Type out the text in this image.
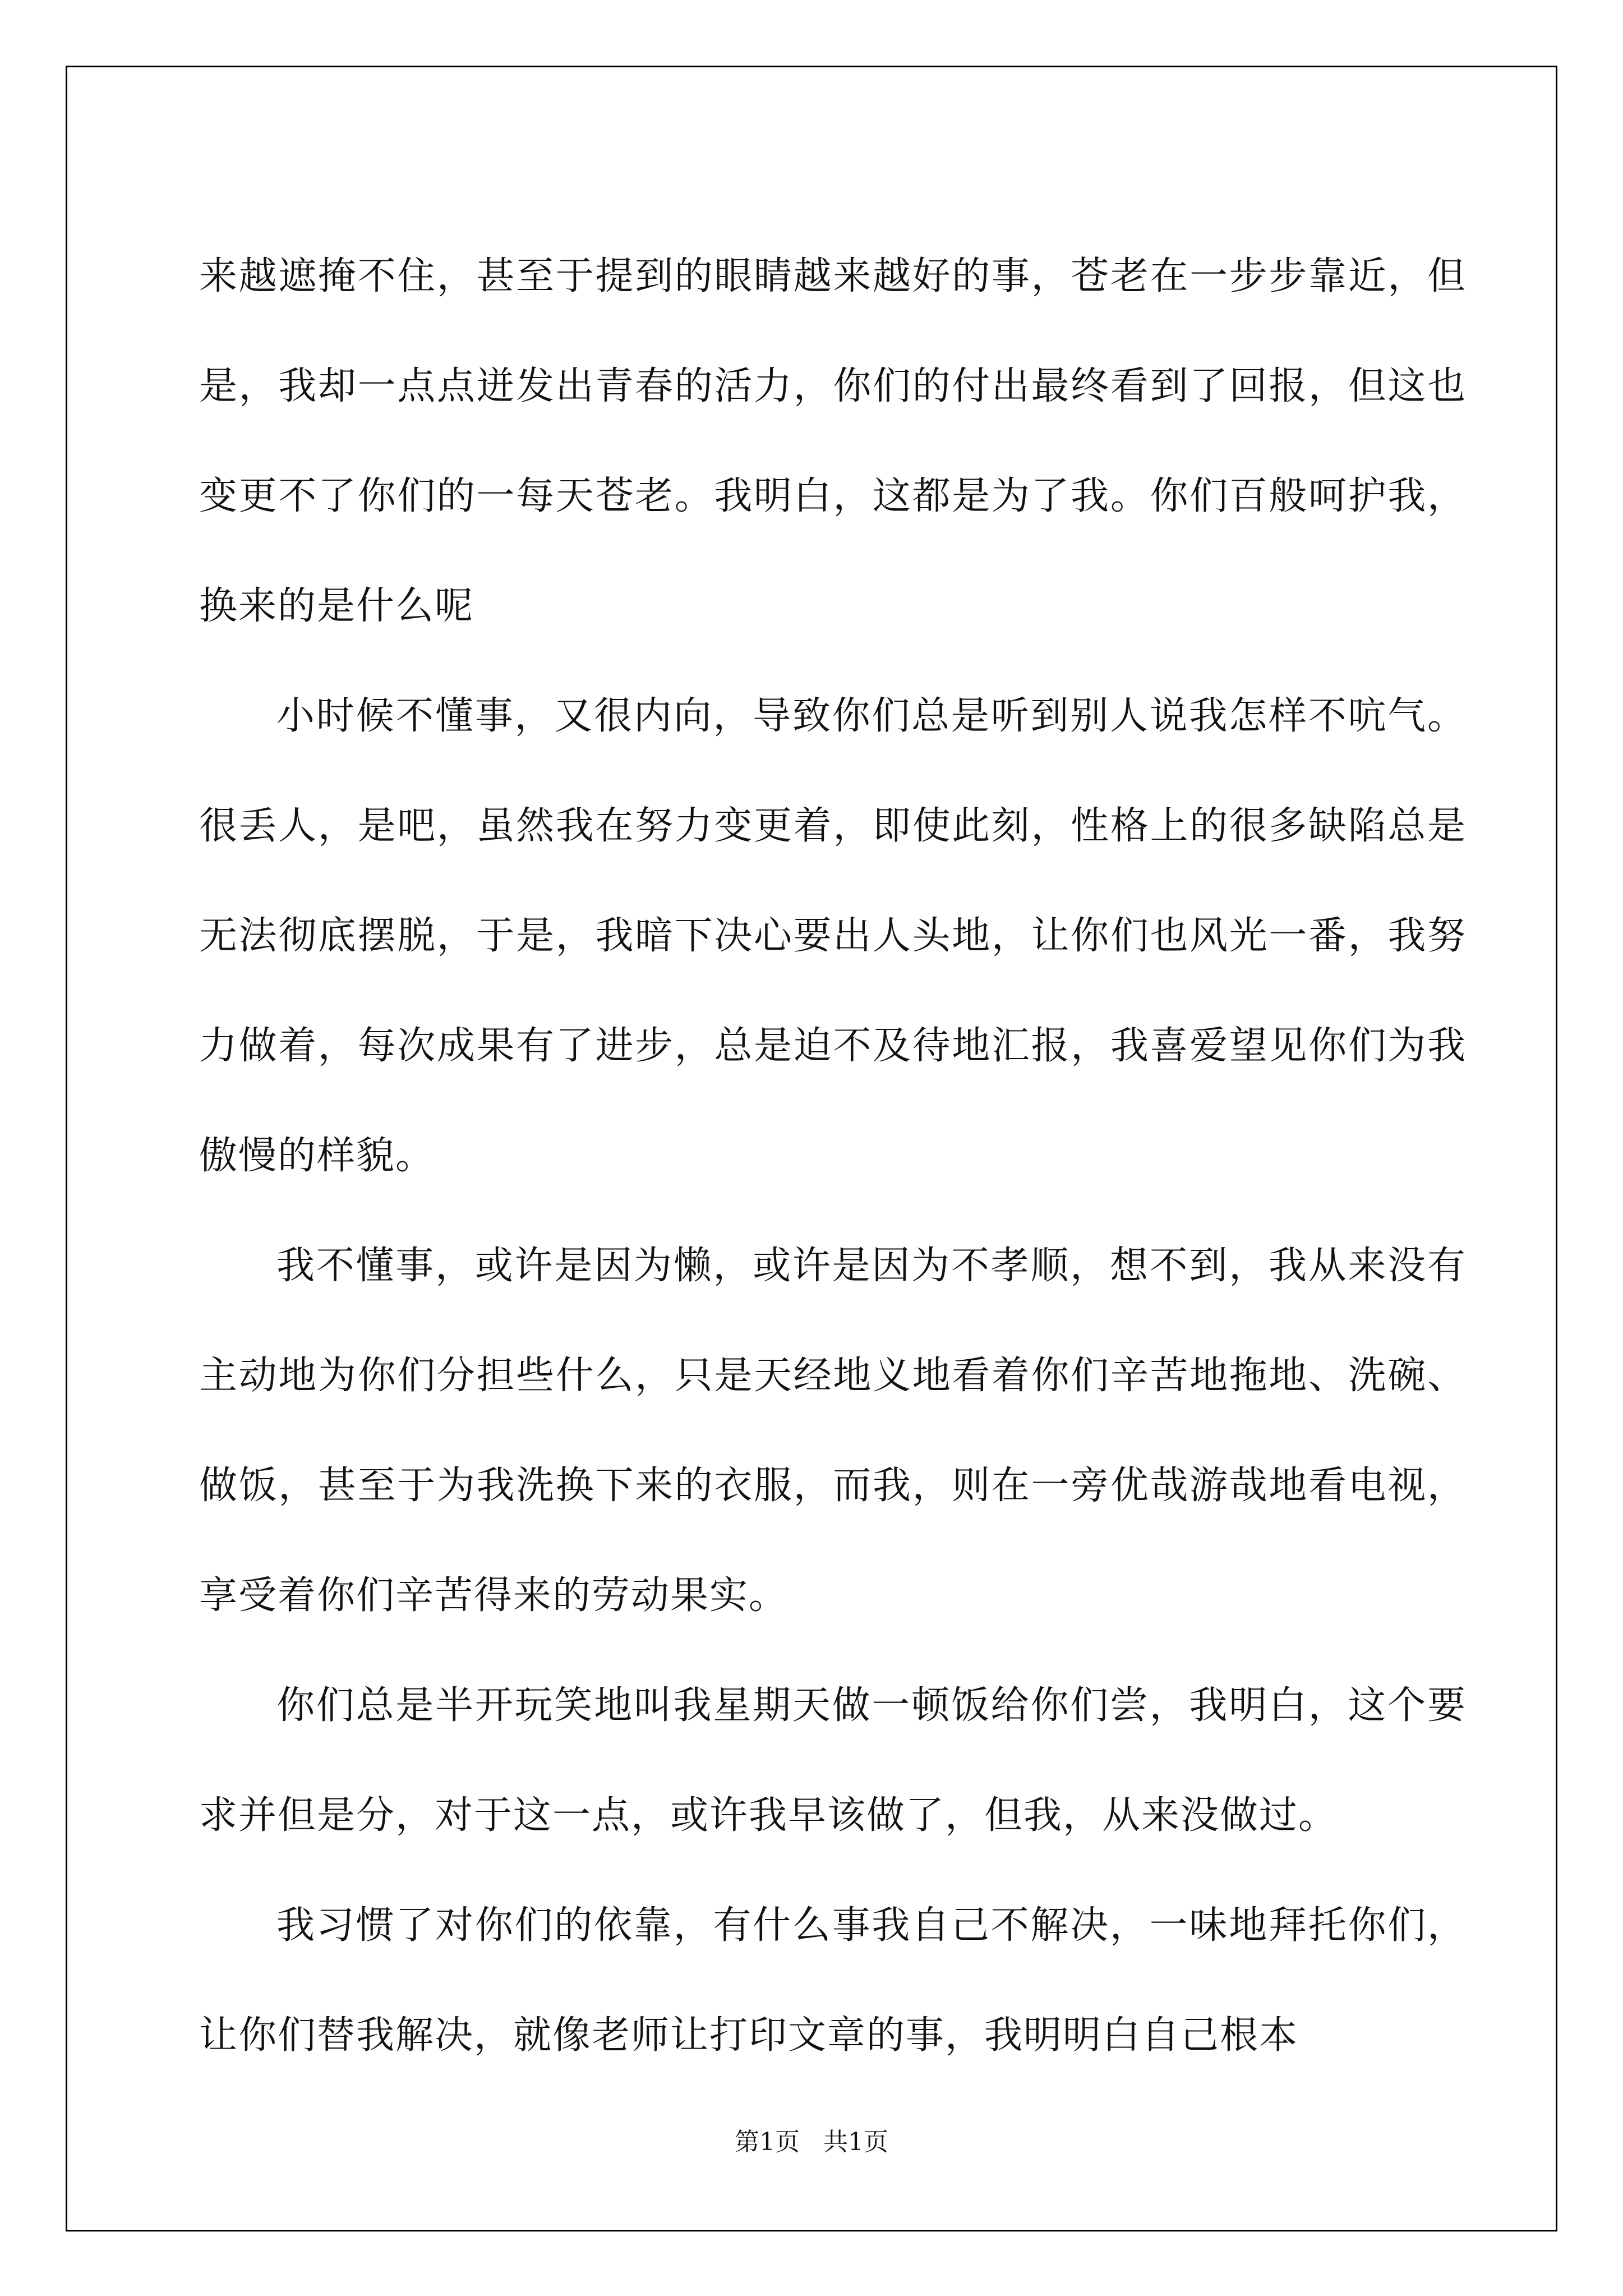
来越遮掩不住，甚至于提到的眼睛越来越好的事，苍老在一步步靠近，但是，我却一点点迸发出青春的活力，你们的付出最终看到了回报，但这也变更不了你们的一每天苍老。我明白，这都是为了我。你们百般呵护我，换来的是什么呢

小时候不懂事，又很内向，导致你们总是听到别人说我怎样不吭气。很丢人，是吧，虽然我在努力变更着，即使此刻，性格上的很多缺陷总是无法彻底摆脱，于是，我暗下决心要出人头地，让你们也风光一番，我努力做着，每次成果有了进步，总是迫不及待地汇报，我喜爱望见你们为我傲慢的样貌。

我不懂事，或许是因为懒，或许是因为不孝顺，想不到，我从来没有主动地为你们分担些什么，只是天经地义地看着你们辛苦地拖地、洗碗、做饭，甚至于为我洗换下来的衣服，而我，则在一旁优哉游哉地看电视，享受着你们辛苦得来的劳动果实。

你们总是半开玩笑地叫我星期天做一顿饭给你们尝，我明白，这个要求并但是分，对于这一点，或许我早该做了，但我，从来没做过。

我习惯了对你们的依靠，有什么事我自己不解决，一味地拜托你们，让你们替我解决，就像老师让打印文章的事，我明明白自己根本

第1页   共1页
